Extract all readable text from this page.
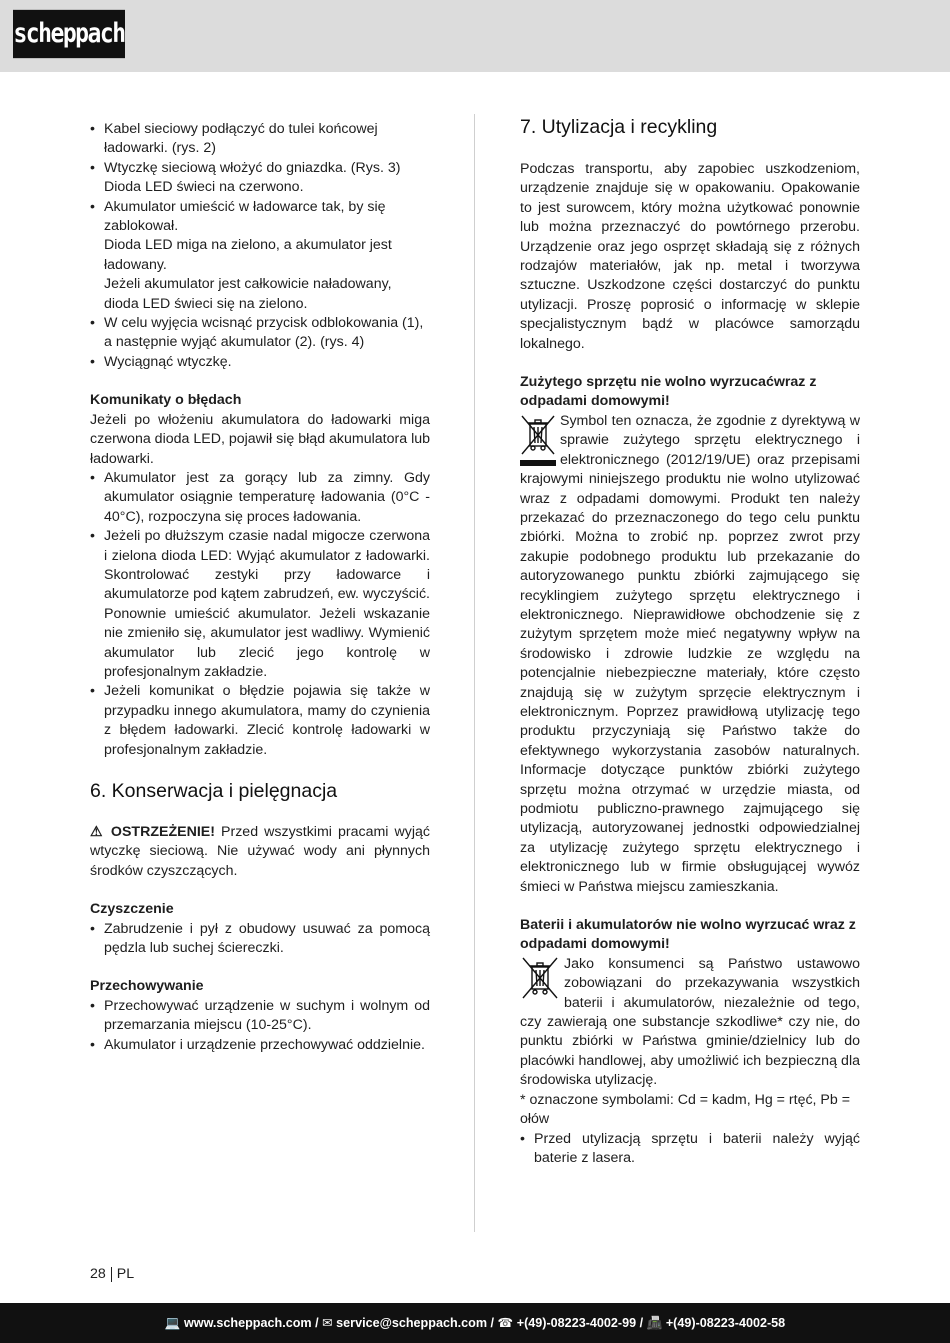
scheppach
• Kabel sieciowy podłączyć do tulei końcowej ładowarki. (rys. 2)
• Wtyczkę sieciową włożyć do gniazdka. (Rys. 3) Dioda LED świeci na czerwono.
• Akumulator umieścić w ładowarce tak, by się zablokował.
Dioda LED miga na zielono, a akumulator jest ładowany.
Jeżeli akumulator jest całkowicie naładowany, dioda LED świeci się na zielono.
• W celu wyjęcia wcisnąć przycisk odblokowania (1), a następnie wyjąć akumulator (2). (rys. 4)
• Wyciągnąć wtyczkę.

Komunikaty o błędach

Jeżeli po włożeniu akumulatora do ładowarki miga czerwona dioda LED, pojawił się błąd akumulatora lub ładowarki.

• Akumulator jest za gorący lub za zimny. Gdy akumulator osiągnie temperaturę ładowania (0°C - 40°C), rozpoczyna się proces ładowania.
• Jeżeli po dłuższym czasie nadal migocze czerwona i zielona dioda LED: Wyjąć akumulator z ładowarki. Skontrolować zestyki przy ładowarce i akumulatorze pod kątem zabrudzeń, ew. wyczyścić. Ponownie umieścić akumulator. Jeżeli wskazanie nie zmieniło się, akumulator jest wadliwy. Wymienić akumulator lub zlecić jego kontrolę w profesjonalnym zakładzie.
• Jeżeli komunikat o błędzie pojawia się także w przypadku innego akumulatora, mamy do czynienia z błędem ładowarki. Zlecić kontrolę ładowarki w profesjonalnym zakładzie.

6. Konserwacja i pielęgnacja

⚠ OSTRZEŻENIE! Przed wszystkimi pracami wyjąć wtyczkę sieciową. Nie używać wody ani płynnych środków czyszczących.

Czyszczenie

• Zabrudzenie i pył z obudowy usuwać za pomocą pędzla lub suchej ściereczki.

Przechowywanie

• Przechowywać urządzenie w suchym i wolnym od przemarzania miejscu (10-25°C).
• Akumulator i urządzenie przechowywać oddzielnie.

7. Utylizacja i recykling

Podczas transportu, aby zapobiec uszkodzeniom, urządzenie znajduje się w opakowaniu. Opakowanie to jest surowcem, który można użytkować ponownie lub można przeznaczyć do powtórnego przerobu. Urządzenie oraz jego osprzęt składają się z różnych rodzajów materiałów, jak np. metal i tworzywa sztuczne. Uszkodzone części dostarczyć do punktu utylizacji. Proszę poprosić o informację w sklepie specjalistycznym bądź w placówce samorządu lokalnego.

Zużytego sprzętu nie wolno wyrzucaćwraz z odpadami domowymi!

Symbol ten oznacza, że zgodnie z dyrektywą w sprawie zużytego sprzętu elektrycznego i elektronicznego (2012/19/UE) oraz przepisami krajowymi niniejszego produktu nie wolno utylizować wraz z odpadami domowymi. Produkt ten należy przekazać do przeznaczonego do tego celu punktu zbiórki. Można to zrobić np. poprzez zwrot przy zakupie podobnego produktu lub przekazanie do autoryzowanego punktu zbiórki zajmującego się recyklingiem zużytego sprzętu elektrycznego i elektronicznego. Nieprawidłowe obchodzenie się z zużytym sprzętem może mieć negatywny wpływ na środowisko i zdrowie ludzkie ze względu na potencjalnie niebezpieczne materiały, które często znajdują się w zużytym sprzęcie elektrycznym i elektronicznym. Poprzez prawidłową utylizację tego produktu przyczyniają się Państwo także do efektywnego wykorzystania zasobów naturalnych. Informacje dotyczące punktów zbiórki zużytego sprzętu można otrzymać w urzędzie miasta, od podmiotu publiczno-prawnego zajmującego się utylizacją, autoryzowanej jednostki odpowiedzialnej za utylizację zużytego sprzętu elektrycznego i elektronicznego lub w firmie obsługującej wywóz śmieci w Państwa miejscu zamieszkania.

Baterii i akumulatorów nie wolno wyrzucać wraz z odpadami domowymi!

Jako konsumenci są Państwo ustawowo zobowiązani do przekazywania wszystkich baterii i akumulatorów, niezależnie od tego, czy zawierają one substancje szkodliwe* czy nie, do punktu zbiórki w Państwa gminie/dzielnicy lub do placówki handlowej, aby umożliwić ich bezpieczną dla środowiska utylizację.

* oznaczone symbolami: Cd = kadm, Hg = rtęć, Pb = ołów

• Przed utylizacją sprzętu i baterii należy wyjąć baterie z lasera.
28 PL
💻 www.scheppach.com / ✉ service@scheppach.com / ☎ +(49)-08223-4002-99 / 📠 +(49)-08223-4002-58
